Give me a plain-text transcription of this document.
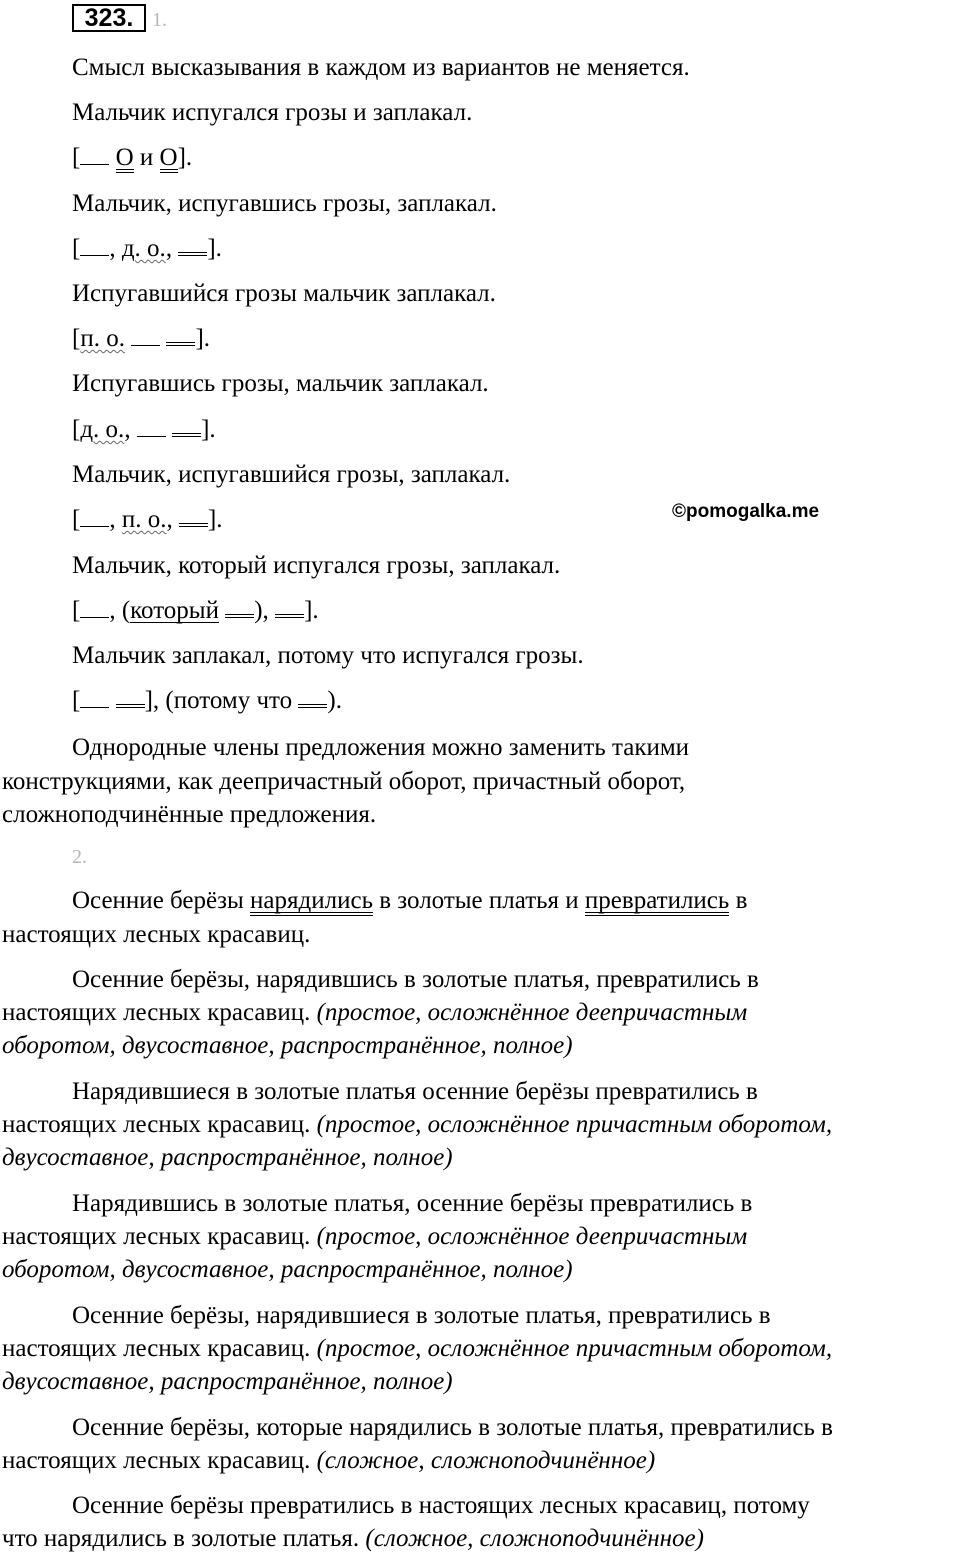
323. 1.
Смысл высказывания в каждом из вариантов не меняется.
Мальчик испугался грозы и заплакал.
[ О и О].
Мальчик, испугавшись грозы, заплакал.
[ , д. о., ].
Испугавшийся грозы мальчик заплакал.
[п. о.	].
Испугавшись грозы, мальчик заплакал.
[д. о.,	].
Мальчик, испугавшийся грозы, заплакал.
[ , п. о., ].	©pomogalka.me
Мальчик, который испугался грозы, заплакал.
[ , (который ), ].
Мальчик заплакал, потому что испугался грозы.
[	], (потому что ).
Однородные члены предложения можно заменить такими
конструкциями, как деепричастный оборот, причастный оборот,
сложноподчинённые предложения.
2.
Осенние берёзы нарядились в золотые платья и превратились в
настоящих лесных красавиц.
Осенние берёзы, нарядившись в золотые платья, превратились в
настоящих лесных красавиц. (простое, осложнённое деепричастным
оборотом, двусоставное, распространённое, полное)
Нарядившиеся в золотые платья осенние берёзы превратились в
настоящих лесных красавиц. (простое, осложнённое причастным оборотом,
двусоставное, распространённое, полное)
Нарядившись в золотые платья, осенние берёзы превратились в
настоящих лесных красавиц. (простое, осложнённое деепричастным
оборотом, двусоставное, распространённое, полное)
Осенние берёзы, нарядившиеся в золотые платья, превратились в
настоящих лесных красавиц. (простое, осложнённое причастным оборотом,
двусоставное, распространённое, полное)
Осенние берёзы, которые нарядились в золотые платья, превратились в
настоящих лесных красавиц. (сложное, сложноподчинённое)
Осенние берёзы превратились в настоящих лесных красавиц, потому
что нарядились в золотые платья. (сложное, сложноподчинённое)
